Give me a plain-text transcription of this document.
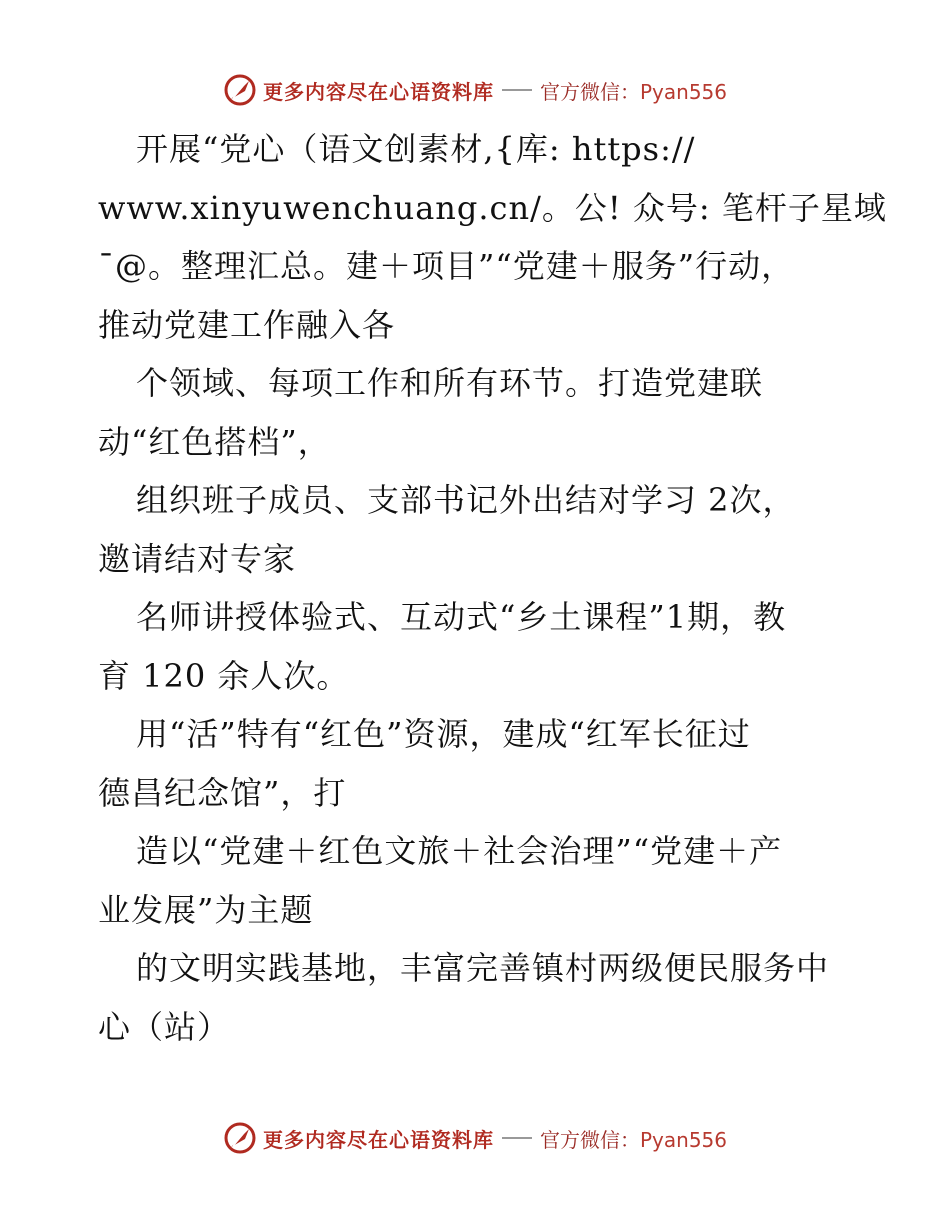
更多内容尽在心语资料库 官方微信：Pyan556
开展“党心（语文创素材,{库: https://
www.xinyuwenchuang.cn/。公! 众号: 笔杆子星域
¯@。整理汇总。建＋项目”“党建＋服务”行动，
推动党建工作融入各
个领域、每项工作和所有环节。打造党建联
动“红色搭档”，
组织班子成员、支部书记外出结对学习 2次，
邀请结对专家
名师讲授体验式、互动式“乡土课程”1期，教
育 120 余人次。
用“活”特有“红色”资源，建成“红军长征过
德昌纪念馆”，打
造以“党建＋红色文旅＋社会治理”“党建＋产
业发展”为主题
的文明实践基地，丰富完善镇村两级便民服务中
心（站）
更多内容尽在心语资料库 官方微信：Pyan556
